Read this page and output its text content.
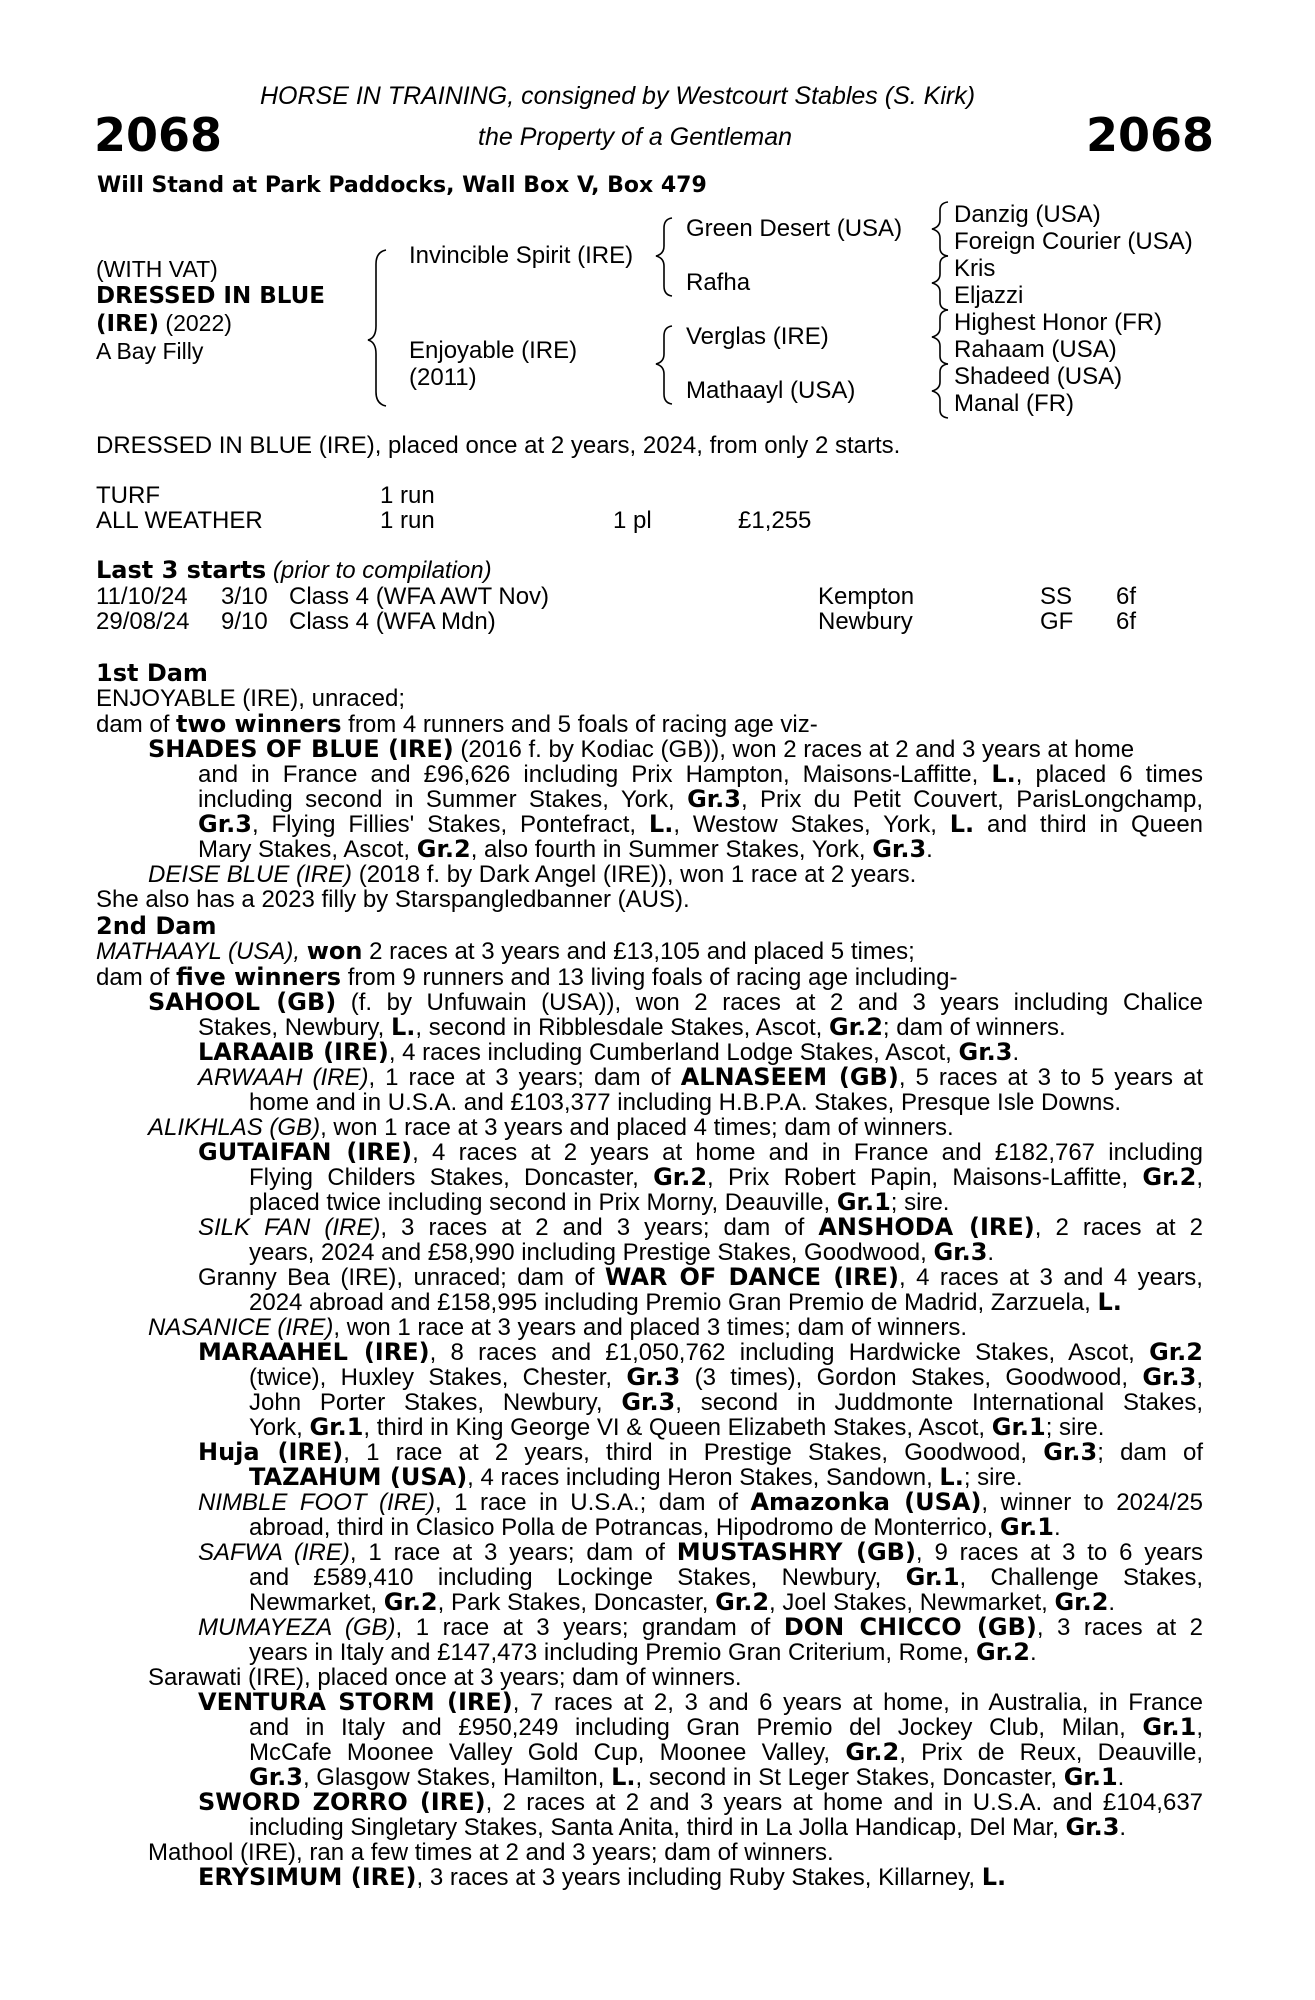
2068	2068
HORSE IN TRAINING, consigned by Westcourt Stables (S. Kirk)
the Property of a Gentleman
Will Stand at Park Paddocks, Wall Box V, Box 479
(WITH VAT)
DRESSED IN BLUE
(IRE) (2022)
A Bay Filly
Invincible Spirit (IRE)
Enjoyable (IRE)
(2011)
Green Desert (USA)
Rafha
Verglas (IRE)
Mathaayl (USA)
Danzig (USA)
Foreign Courier (USA)
Kris
Eljazzi
Highest Honor (FR)
Rahaam (USA)
Shadeed (USA)
Manal (FR)
DRESSED IN BLUE (IRE), placed once at 2 years, 2024, from only 2 starts.
TURF	1 run
ALL WEATHER	1 run	1 pl	£1,255
Last 3 starts (prior to compilation)
11/10/24 3/10 Class 4 (WFA AWT Nov)	Kempton	SS 6f
29/08/24 9/10 Class 4 (WFA Mdn)	Newbury	GF 6f
1st Dam
ENJOYABLE (IRE), unraced;
dam of two winners from 4 runners and 5 foals of racing age viz-
SHADES OF BLUE (IRE) (2016 f. by Kodiac (GB)), won 2 races at 2 and 3 years at home
and in France and £96,626 including Prix Hampton, Maisons-Laffitte, L., placed 6 times
including second in Summer Stakes, York, Gr.3, Prix du Petit Couvert, ParisLongchamp,
Gr.3, Flying Fillies' Stakes, Pontefract, L., Westow Stakes, York, L. and third in Queen
Mary Stakes, Ascot, Gr.2, also fourth in Summer Stakes, York, Gr.3.
DEISE BLUE (IRE) (2018 f. by Dark Angel (IRE)), won 1 race at 2 years.
She also has a 2023 filly by Starspangledbanner (AUS).
2nd Dam
MATHAAYL (USA), won 2 races at 3 years and £13,105 and placed 5 times;
dam of five winners from 9 runners and 13 living foals of racing age including-
SAHOOL (GB) (f. by Unfuwain (USA)), won 2 races at 2 and 3 years including Chalice
Stakes, Newbury, L., second in Ribblesdale Stakes, Ascot, Gr.2; dam of winners.
LARAAIB (IRE), 4 races including Cumberland Lodge Stakes, Ascot, Gr.3.
ARWAAH (IRE), 1 race at 3 years; dam of ALNASEEM (GB), 5 races at 3 to 5 years at
home and in U.S.A. and £103,377 including H.B.P.A. Stakes, Presque Isle Downs.
ALIKHLAS (GB), won 1 race at 3 years and placed 4 times; dam of winners.
GUTAIFAN (IRE), 4 races at 2 years at home and in France and £182,767 including
Flying Childers Stakes, Doncaster, Gr.2, Prix Robert Papin, Maisons-Laffitte, Gr.2,
placed twice including second in Prix Morny, Deauville, Gr.1; sire.
SILK FAN (IRE), 3 races at 2 and 3 years; dam of ANSHODA (IRE), 2 races at 2
years, 2024 and £58,990 including Prestige Stakes, Goodwood, Gr.3.
Granny Bea (IRE), unraced; dam of WAR OF DANCE (IRE), 4 races at 3 and 4 years,
2024 abroad and £158,995 including Premio Gran Premio de Madrid, Zarzuela, L.
NASANICE (IRE), won 1 race at 3 years and placed 3 times; dam of winners.
MARAAHEL (IRE), 8 races and £1,050,762 including Hardwicke Stakes, Ascot, Gr.2
(twice), Huxley Stakes, Chester, Gr.3 (3 times), Gordon Stakes, Goodwood, Gr.3,
John Porter Stakes, Newbury, Gr.3, second in Juddmonte International Stakes,
York, Gr.1, third in King George VI & Queen Elizabeth Stakes, Ascot, Gr.1; sire.
Huja (IRE), 1 race at 2 years, third in Prestige Stakes, Goodwood, Gr.3; dam of
TAZAHUM (USA), 4 races including Heron Stakes, Sandown, L.; sire.
NIMBLE FOOT (IRE), 1 race in U.S.A.; dam of Amazonka (USA), winner to 2024/25
abroad, third in Clasico Polla de Potrancas, Hipodromo de Monterrico, Gr.1.
SAFWA (IRE), 1 race at 3 years; dam of MUSTASHRY (GB), 9 races at 3 to 6 years
and £589,410 including Lockinge Stakes, Newbury, Gr.1, Challenge Stakes,
Newmarket, Gr.2, Park Stakes, Doncaster, Gr.2, Joel Stakes, Newmarket, Gr.2.
MUMAYEZA (GB), 1 race at 3 years; grandam of DON CHICCO (GB), 3 races at 2
years in Italy and £147,473 including Premio Gran Criterium, Rome, Gr.2.
Sarawati (IRE), placed once at 3 years; dam of winners.
VENTURA STORM (IRE), 7 races at 2, 3 and 6 years at home, in Australia, in France
and in Italy and £950,249 including Gran Premio del Jockey Club, Milan, Gr.1,
McCafe Moonee Valley Gold Cup, Moonee Valley, Gr.2, Prix de Reux, Deauville,
Gr.3, Glasgow Stakes, Hamilton, L., second in St Leger Stakes, Doncaster, Gr.1.
SWORD ZORRO (IRE), 2 races at 2 and 3 years at home and in U.S.A. and £104,637
including Singletary Stakes, Santa Anita, third in La Jolla Handicap, Del Mar, Gr.3.
Mathool (IRE), ran a few times at 2 and 3 years; dam of winners.
ERYSIMUM (IRE), 3 races at 3 years including Ruby Stakes, Killarney, L.
